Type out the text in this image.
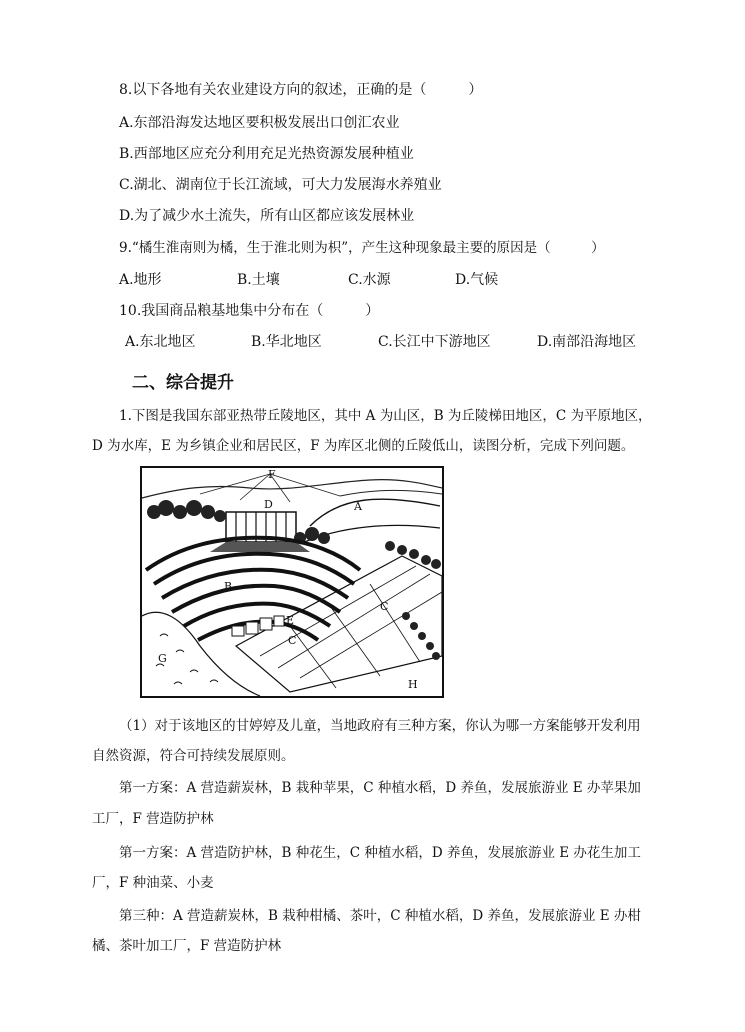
8.以下各地有关农业建设方向的叙述，正确的是（　　　）
A.东部沿海发达地区要积极发展出口创汇农业
B.西部地区应充分利用充足光热资源发展种植业
C.湖北、湖南位于长江流域，可大力发展海水养殖业
D.为了减少水土流失，所有山区都应该发展林业
9.“橘生淮南则为橘，生于淮北则为枳”，产生这种现象最主要的原因是（　　　）
A.地形	B.土壤	C.水源	D.气候
10.我国商品粮基地集中分布在（　　　）
A.东北地区	B.华北地区	C.长江中下游地区	D.南部沿海地区
二、综合提升
1.下图是我国东部亚热带丘陵地区，其中 A 为山区，B 为丘陵梯田地区，C 为平原地区，
D 为水库，E 为乡镇企业和居民区，F 为库区北侧的丘陵低山，读图分析，完成下列问题。
F
D	A
B
C
C
E
G
H
（1）对于该地区的甘婷婷及儿童，当地政府有三种方案，你认为哪一方案能够开发利用
自然资源，符合可持续发展原则。
第一方案：A 营造薪炭林，B 栽种苹果，C 种植水稻，D 养鱼，发展旅游业 E 办苹果加
工厂，F 营造防护林
第一方案：A 营造防护林，B 种花生，C 种植水稻，D 养鱼，发展旅游业 E 办花生加工
厂，F 种油菜、小麦
第三种：A 营造薪炭林，B 栽种柑橘、茶叶，C 种植水稻，D 养鱼，发展旅游业 E 办柑
橘、茶叶加工厂，F 营造防护林
